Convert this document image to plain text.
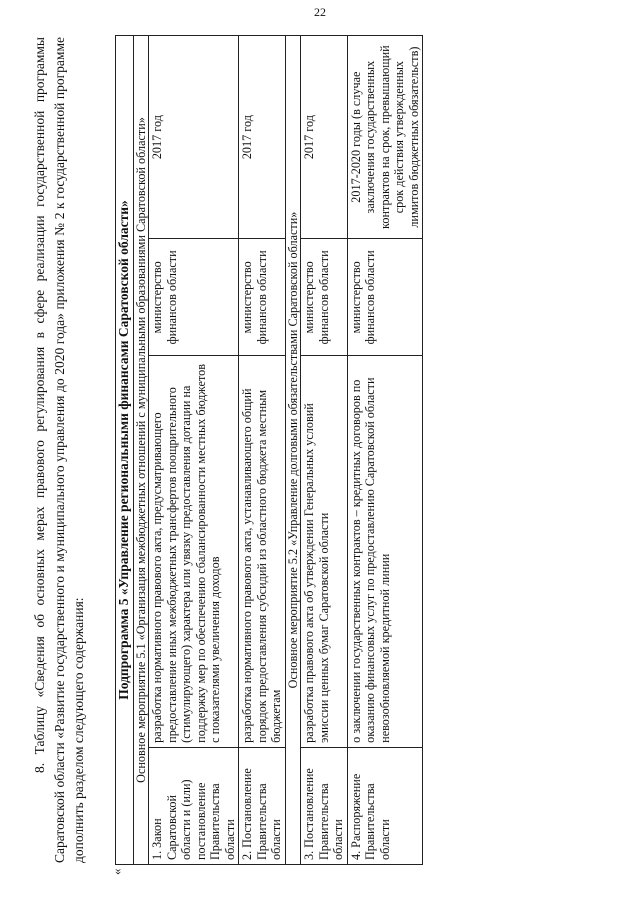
22

8. Таблицу «Сведения об основных мерах правового регулирования в сфере реализации государственной программы Саратовской области «Развитие государственного и муниципального управления до 2020 года» приложения № 2 к государственной программе дополнить разделом следующего содержания:

«
Подпрограмма 5 «Управление региональными финансами Саратовской области»			
Основное мероприятие 5.1 «Организация межбюджетных отношений с муниципальными образованиями Саратовской области»			
1. Закон Саратовской области и (или) постановление Правительства области	разработка нормативного правового акта, предусматривающего предоставление иных межбюджетных трансфертов поощрительного (стимулирующего) характера или увязку предоставления дотации на поддержку мер по обеспечению сбалансированности местных бюджетов с показателями увеличения доходов	министерство финансов области	2017 год
2. Постановление Правительства области	разработка нормативного правового акта, устанавливающего общий порядок предоставления субсидий из областного бюджета местным бюджетам	министерство финансов области	2017 год
Основное мероприятие 5.2 «Управление долговыми обязательствами Саратовской области»			
3. Постановление Правительства области	разработка правового акта об утверждении Генеральных условий эмиссии ценных бумаг Саратовской области	министерство финансов области	2017 год
4. Распоряжение Правительства области	о заключении государственных контрактов – кредитных договоров по оказанию финансовых услуг по предоставлению Саратовской области невозобновляемой кредитной линии	министерство финансов области	2017-2020 годы (в случае заключения государственных контрактов на срок, превышающий срок действия утвержденных лимитов бюджетных обязательств)
